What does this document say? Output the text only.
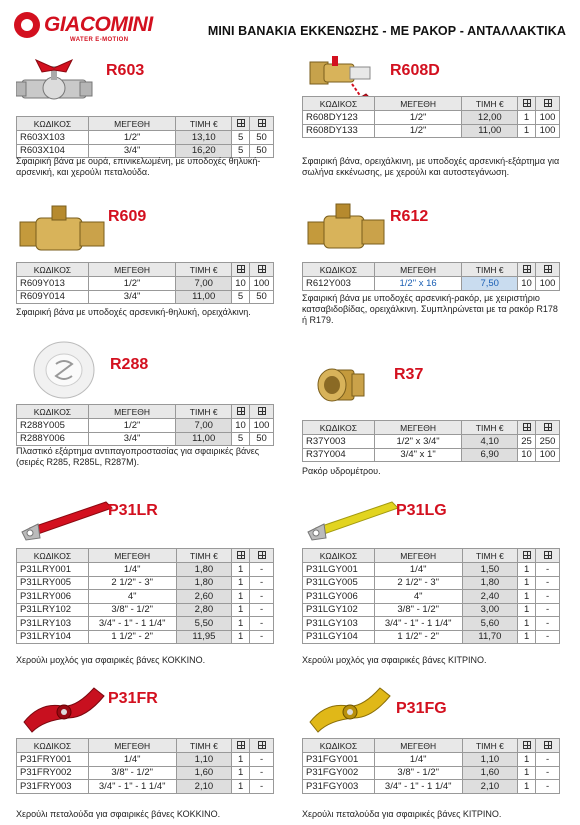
GIACOMINI
WATER E-MOTION
MINI ΒΑΝΑΚΙΑ ΕΚΚΕΝΩΣΗΣ - ΜΕ ΡΑΚΟΡ - ΑΝΤΑΛΛΑΚΤΙΚΑ
R603
ΚΩΔΙΚΟΣ	ΜΕΓΕΘΗ	ΤΙΜΗ €		
R603X103	1/2"	13,10	5	50
R603X104	3/4"	16,20	5	50
Σφαιρική βάνα με ουρά, επινικελωμένη, με υποδοχές θηλυκή-αρσενική, και χερούλι πεταλούδα.
R608D
ΚΩΔΙΚΟΣ	ΜΕΓΕΘΗ	ΤΙΜΗ €		
R608DY123	1/2"	12,00	1	100
R608DY133	1/2"	11,00	1	100
Σφαιρική βάνα, ορειχάλκινη, με υποδοχές αρσενική-εξάρτημα για σωλήνα εκκένωσης, με χερούλι και αυτοστεγάνωση.
R609
ΚΩΔΙΚΟΣ	ΜΕΓΕΘΗ	ΤΙΜΗ €		
R609Y013	1/2"	7,00	10	100
R609Y014	3/4"	11,00	5	50
Σφαιρική βάνα με υποδοχές αρσενική-θηλυκή, ορειχάλκινη.
R612
ΚΩΔΙΚΟΣ	ΜΕΓΕΘΗ	ΤΙΜΗ €		
R612Y003	1/2" x 16	7,50	10	100
Σφαιρική βάνα με υποδοχές αρσενική-ρακόρ, με χειριστήριο κατσαβιδοβίδας, ορειχάλκινη. Συμπληρώνεται με τα ρακόρ R178 ή R179.
R288
ΚΩΔΙΚΟΣ	ΜΕΓΕΘΗ	ΤΙΜΗ €		
R288Y005	1/2"	7,00	10	100
R288Y006	3/4"	11,00	5	50
Πλαστικό εξάρτημα αντιπαγοπροστασίας για σφαιρικές βάνες (σειρές R285, R285L, R287M).
R37
ΚΩΔΙΚΟΣ	ΜΕΓΕΘΗ	ΤΙΜΗ €		
R37Y003	1/2" x 3/4"	4,10	25	250
R37Y004	3/4" x 1"	6,90	10	100
Ρακόρ υδρομέτρου.
P31LR
ΚΩΔΙΚΟΣ	ΜΕΓΕΘΗ	ΤΙΜΗ €		
P31LRY001	1/4"	1,80	1	-
P31LRY005	2 1/2" - 3"	1,80	1	-
P31LRY006	4"	2,60	1	-
P31LRY102	3/8" - 1/2"	2,80	1	-
P31LRY103	3/4" - 1" - 1 1/4"	5,50	1	-
P31LRY104	1 1/2" - 2"	11,95	1	-
Χερούλι μοχλός για σφαιρικές βάνες ΚΟΚΚΙΝΟ.
P31LG
ΚΩΔΙΚΟΣ	ΜΕΓΕΘΗ	ΤΙΜΗ €		
P31LGY001	1/4"	1,50	1	-
P31LGY005	2 1/2" - 3"	1,80	1	-
P31LGY006	4"	2,40	1	-
P31LGY102	3/8" - 1/2"	3,00	1	-
P31LGY103	3/4" - 1" - 1 1/4"	5,60	1	-
P31LGY104	1 1/2" - 2"	11,70	1	-
Χερούλι μοχλός για σφαιρικές βάνες ΚΙΤΡΙΝΟ.
P31FR
ΚΩΔΙΚΟΣ	ΜΕΓΕΘΗ	ΤΙΜΗ €		
P31FRY001	1/4"	1,10	1	-
P31FRY002	3/8" - 1/2"	1,60	1	-
P31FRY003	3/4" - 1" - 1 1/4"	2,10	1	-
Χερούλι πεταλούδα για σφαιρικές βάνες ΚΟΚΚΙΝΟ.
P31FG
ΚΩΔΙΚΟΣ	ΜΕΓΕΘΗ	ΤΙΜΗ €		
P31FGY001	1/4"	1,10	1	-
P31FGY002	3/8" - 1/2"	1,60	1	-
P31FGY003	3/4" - 1" - 1 1/4"	2,10	1	-
Χερούλι πεταλούδα για σφαιρικές βάνες ΚΙΤΡΙΝΟ.
